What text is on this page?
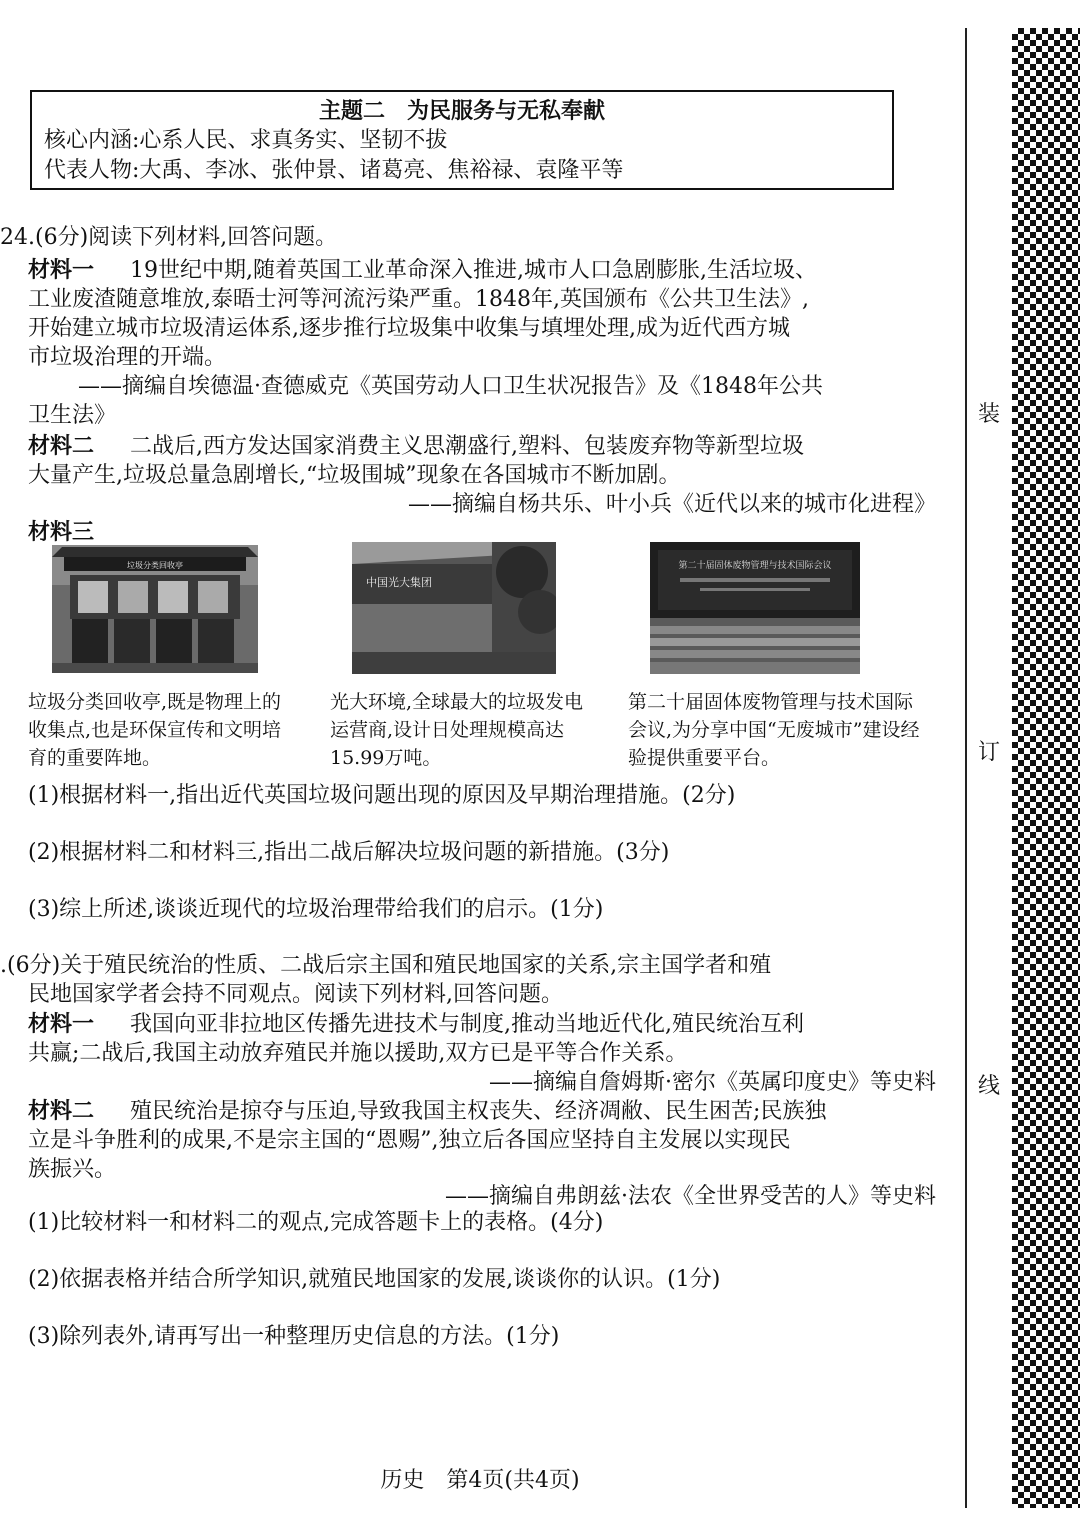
主题二　为民服务与无私奉献
核心内涵:心系人民、求真务实、坚韧不拔
代表人物:大禹、李冰、张仲景、诸葛亮、焦裕禄、袁隆平等
24.(6分)阅读下列材料,回答问题。
材料一 19世纪中期,随着英国工业革命深入推进,城市人口急剧膨胀,生活垃圾、
工业废渣随意堆放,泰晤士河等河流污染严重。1848年,英国颁布《公共卫生法》,
开始建立城市垃圾清运体系,逐步推行垃圾集中收集与填埋处理,成为近代西方城
市垃圾治理的开端。
——摘编自埃德温·查德威克《英国劳动人口卫生状况报告》及《1848年公共
卫生法》
材料二 二战后,西方发达国家消费主义思潮盛行,塑料、包装废弃物等新型垃圾
大量产生,垃圾总量急剧增长,“垃圾围城”现象在各国城市不断加剧。
——摘编自杨共乐、叶小兵《近代以来的城市化进程》
材料三
垃圾分类回收亭
中国光大集团
第二十届固体废物管理与技术国际会议
垃圾分类回收亭,既是物理上的收集点,也是环保宣传和文明培育的重要阵地。
光大环境,全球最大的垃圾发电运营商,设计日处理规模高达15.99万吨。
第二十届固体废物管理与技术国际会议,为分享中国“无废城市”建设经验提供重要平台。
(1)根据材料一,指出近代英国垃圾问题出现的原因及早期治理措施。(2分)
(2)根据材料二和材料三,指出二战后解决垃圾问题的新措施。(3分)
(3)综上所述,谈谈近现代的垃圾治理带给我们的启示。(1分)
.(6分)关于殖民统治的性质、二战后宗主国和殖民地国家的关系,宗主国学者和殖
民地国家学者会持不同观点。阅读下列材料,回答问题。
材料一 我国向亚非拉地区传播先进技术与制度,推动当地近代化,殖民统治互利
共赢;二战后,我国主动放弃殖民并施以援助,双方已是平等合作关系。
——摘编自詹姆斯·密尔《英属印度史》等史料
材料二 殖民统治是掠夺与压迫,导致我国主权丧失、经济凋敝、民生困苦;民族独
立是斗争胜利的成果,不是宗主国的“恩赐”,独立后各国应坚持自主发展以实现民
族振兴。
——摘编自弗朗兹·法农《全世界受苦的人》等史料
(1)比较材料一和材料二的观点,完成答题卡上的表格。(4分)
(2)依据表格并结合所学知识,就殖民地国家的发展,谈谈你的认识。(1分)
(3)除列表外,请再写出一种整理历史信息的方法。(1分)
历史　第4页(共4页)
装
订
线
